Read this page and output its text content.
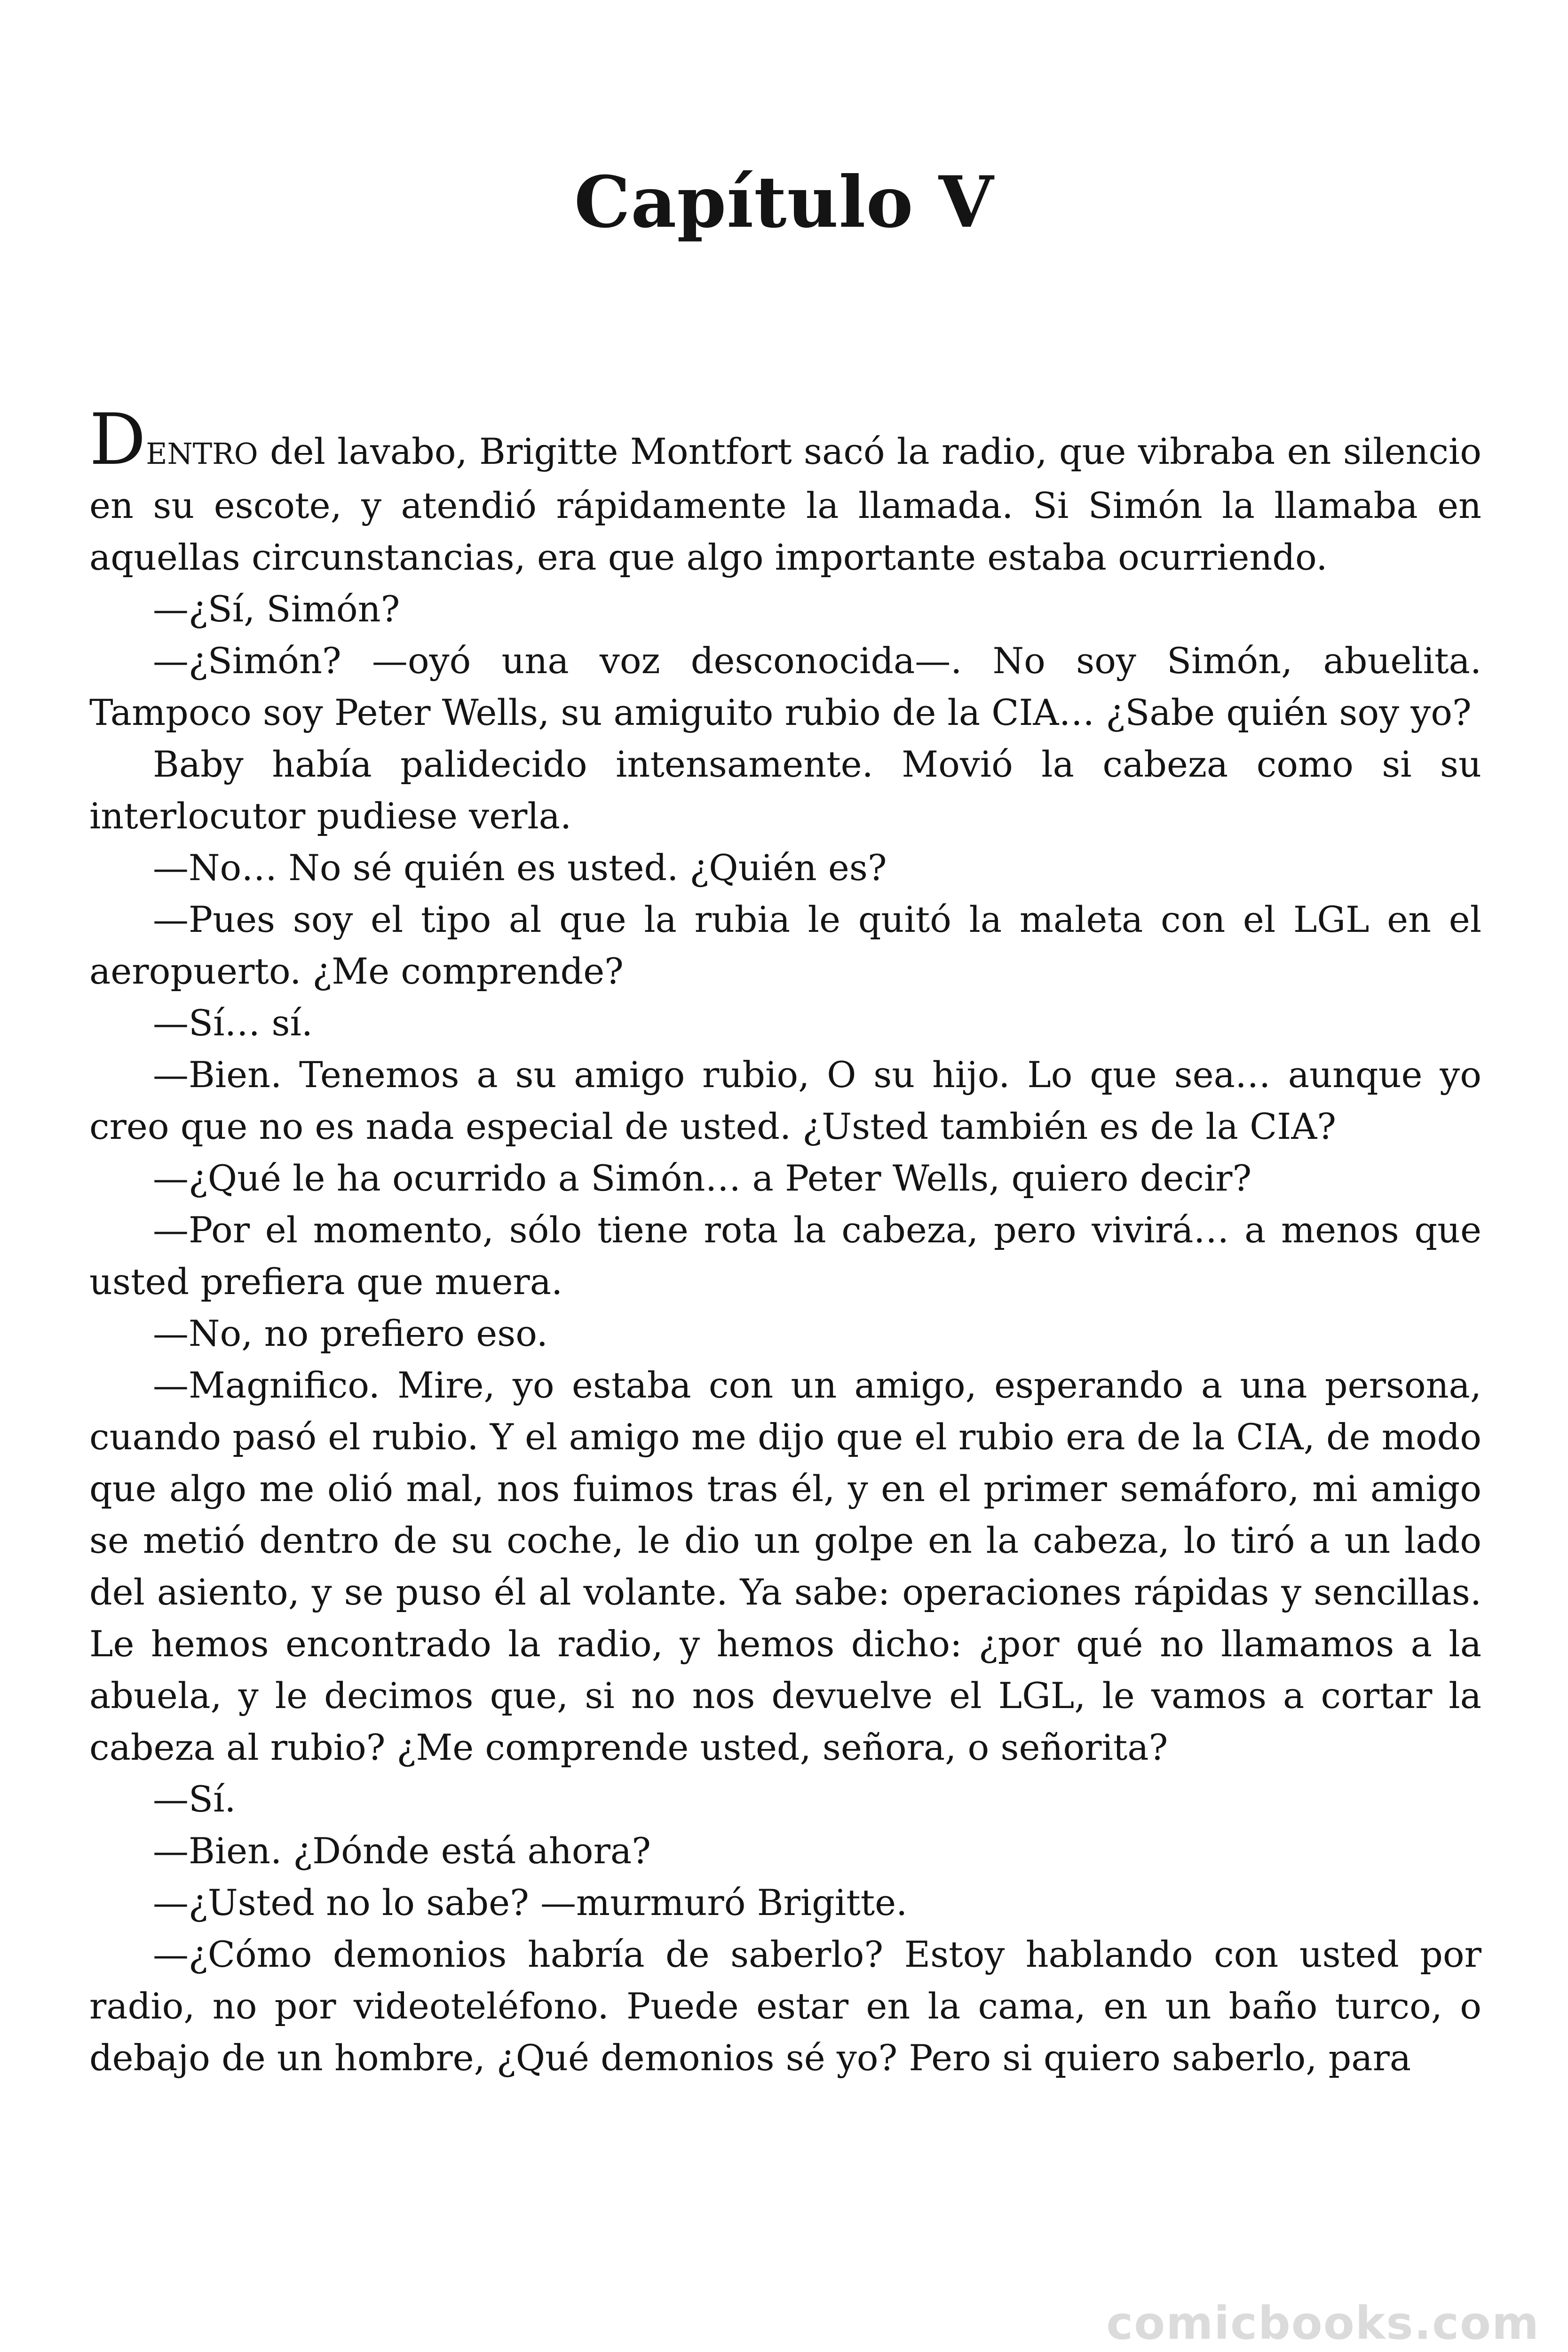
Capítulo V

DENTRO del lavabo, Brigitte Montfort sacó la radio, que vibraba en silencio en su escote, y atendió rápidamente la llamada. Si Simón la llamaba en aquellas circunstancias, era que algo importante estaba ocurriendo.

—¿Sí, Simón?

—¿Simón? —oyó una voz desconocida—. No soy Simón, abuelita. Tampoco soy Peter Wells, su amiguito rubio de la CIA… ¿Sabe quién soy yo?

Baby había palidecido intensamente. Movió la cabeza como si su interlocutor pudiese verla.

—No… No sé quién es usted. ¿Quién es?

—Pues soy el tipo al que la rubia le quitó la maleta con el LGL en el aeropuerto. ¿Me comprende?

—Sí… sí.

—Bien. Tenemos a su amigo rubio, O su hijo. Lo que sea… aunque yo creo que no es nada especial de usted. ¿Usted también es de la CIA?

—¿Qué le ha ocurrido a Simón… a Peter Wells, quiero decir?

—Por el momento, sólo tiene rota la cabeza, pero vivirá… a menos que usted prefiera que muera.

—No, no prefiero eso.

—Magnifico. Mire, yo estaba con un amigo, esperando a una persona, cuando pasó el rubio. Y el amigo me dijo que el rubio era de la CIA, de modo que algo me olió mal, nos fuimos tras él, y en el primer semáforo, mi amigo se metió dentro de su coche, le dio un golpe en la cabeza, lo tiró a un lado del asiento, y se puso él al volante. Ya sabe: operaciones rápidas y sencillas. Le hemos encontrado la radio, y hemos dicho: ¿por qué no llamamos a la abuela, y le decimos que, si no nos devuelve el LGL, le vamos a cortar la cabeza al rubio? ¿Me comprende usted, señora, o señorita?

—Sí.

—Bien. ¿Dónde está ahora?

—¿Usted no lo sabe? —murmuró Brigitte.

—¿Cómo demonios habría de saberlo? Estoy hablando con usted por radio, no por videoteléfono. Puede estar en la cama, en un baño turco, o debajo de un hombre, ¿Qué demonios sé yo? Pero si quiero saberlo, para

comicbooks.com
